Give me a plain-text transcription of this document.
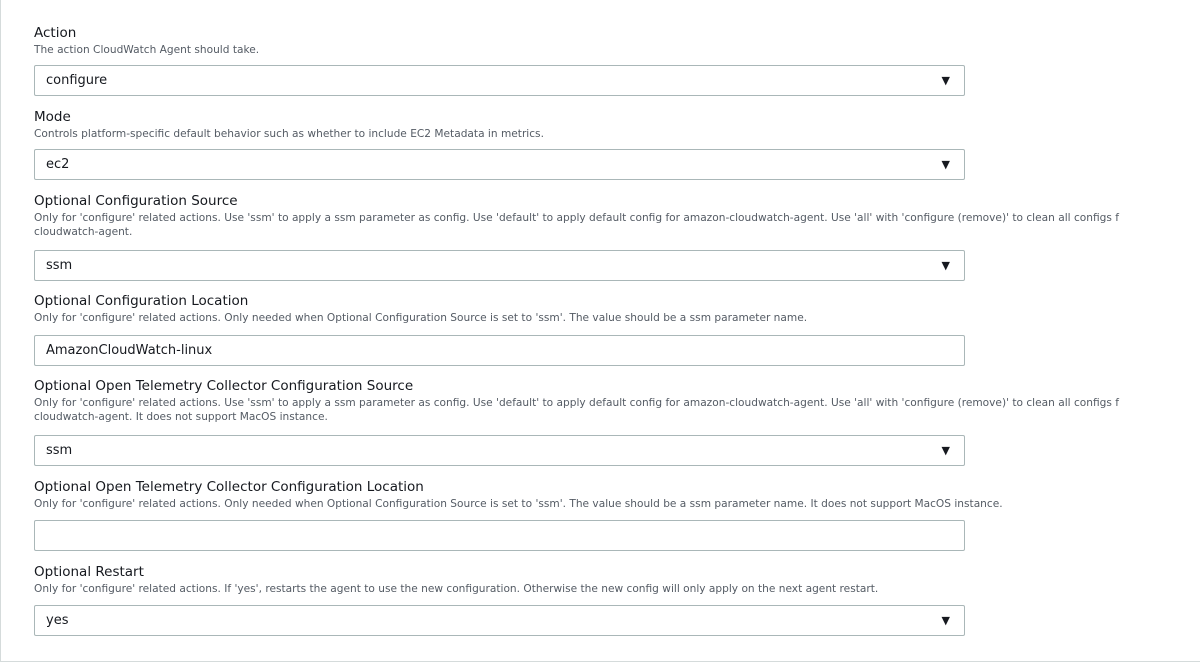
Action
The action CloudWatch Agent should take.
configure	▼
Mode
Controls platform-specific default behavior such as whether to include EC2 Metadata in metrics.
ec2	▼
Optional Configuration Source
Only for 'configure' related actions. Use 'ssm' to apply a ssm parameter as config. Use 'default' to apply default config for amazon-cloudwatch-agent. Use 'all' with 'configure (remove)' to clean all configs f
cloudwatch-agent.
ssm	▼
Optional Configuration Location
Only for 'configure' related actions. Only needed when Optional Configuration Source is set to 'ssm'. The value should be a ssm parameter name.
AmazonCloudWatch-linux
Optional Open Telemetry Collector Configuration Source
Only for 'configure' related actions. Use 'ssm' to apply a ssm parameter as config. Use 'default' to apply default config for amazon-cloudwatch-agent. Use 'all' with 'configure (remove)' to clean all configs f
cloudwatch-agent. It does not support MacOS instance.
ssm	▼
Optional Open Telemetry Collector Configuration Location
Only for 'configure' related actions. Only needed when Optional Configuration Source is set to 'ssm'. The value should be a ssm parameter name. It does not support MacOS instance.
Optional Restart
Only for 'configure' related actions. If 'yes', restarts the agent to use the new configuration. Otherwise the new config will only apply on the next agent restart.
yes	▼
